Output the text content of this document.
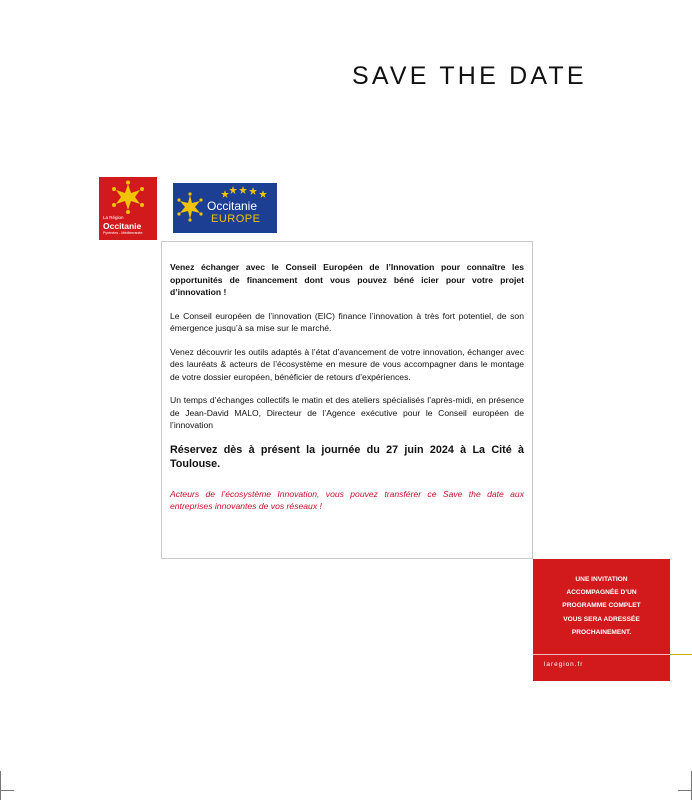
SAVE THE DATE
La Région
Occitanie
Pyrénées - Méditerranée
Occitanie
EUROPE

Venez échanger avec le Conseil Européen de l’Innovation pour connaître les opportunités de financement dont vous pouvez béné icier pour votre projet d’innovation !

Le Conseil européen de l’innovation (EIC) finance l’innovation à très fort potentiel, de son émergence jusqu’à sa mise sur le marché.

Venez découvrir les outils adaptés à l’état d’avancement de votre innovation, échanger avec des lauréats & acteurs de l’écosystème en mesure de vous accompagner dans le montage de votre dossier européen, bénéficier de retours d’expériences.

Un temps d’échanges collectifs le matin et des ateliers spécialisés l’après-midi, en présence de Jean-David MALO, Directeur de l’Agence exécutive pour le Conseil européen de l’innovation

Réservez dès à présent la journée du 27 juin 2024 à La Cité à Toulouse.

Acteurs de l’écosystème Innovation, vous pouvez transférer ce Save the date aux entreprises innovantes de vos réseaux !

UNE INVITATION
ACCOMPAGNÉE D’UN
PROGRAMME COMPLET
VOUS SERA ADRESSÉE
PROCHAINEMENT.
laregion.fr
